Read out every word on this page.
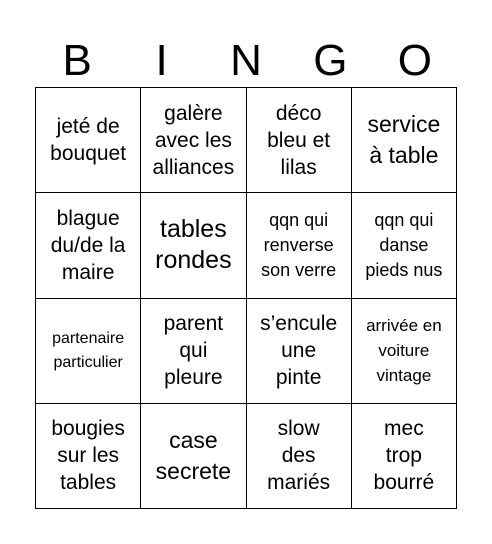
B	I	N	G	O
jeté de
bouquet
galère
avec les
alliances
déco
bleu et
lilas
service
à table
blague
du/de la
maire
tables
rondes
qqn qui
renverse
son verre
qqn qui
danse
pieds nus
partenaire
particulier
parent
qui
pleure
s’encule
une
pinte
arrivée en
voiture
vintage
bougies
sur les
tables
case
secrete
slow
des
mariés
mec
trop
bourré
